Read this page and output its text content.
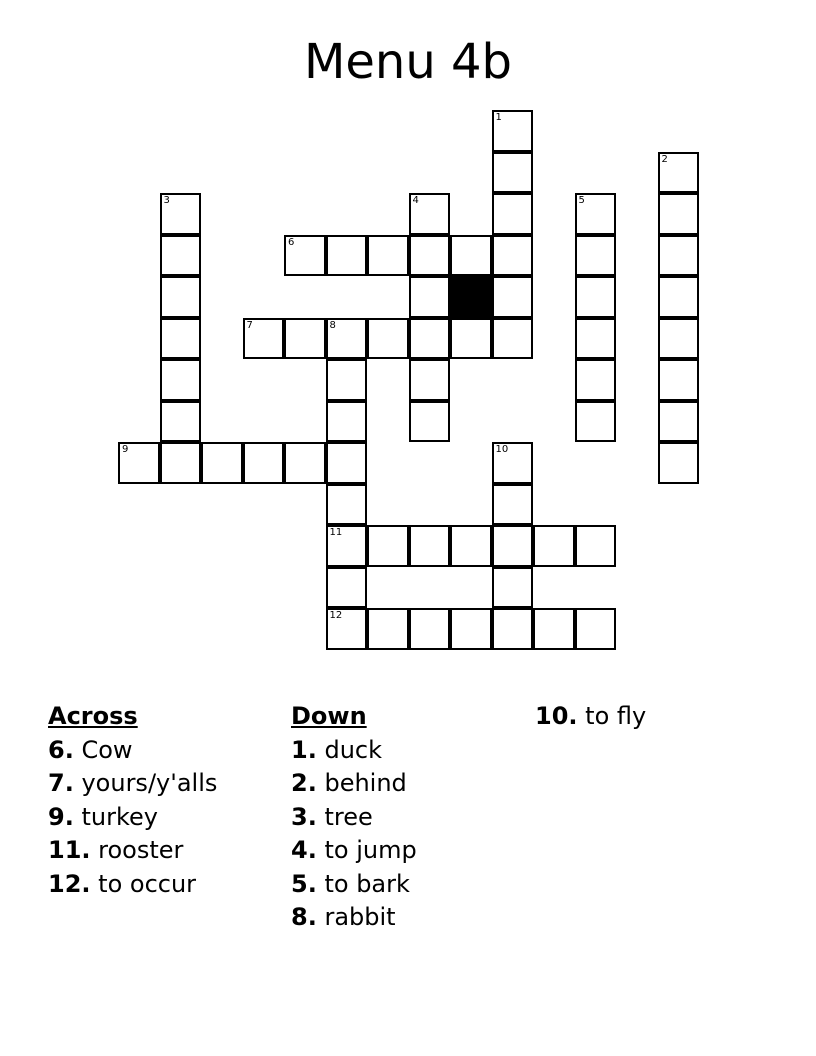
Menu 4b
1
2
3	4	5
6
7	8
9	10
11
12
Across
6. Cow
7. yours/y'alls
9. turkey
11. rooster
12. to occur
Down
1. duck
2. behind
3. tree
4. to jump
5. to bark
8. rabbit
10. to fly
